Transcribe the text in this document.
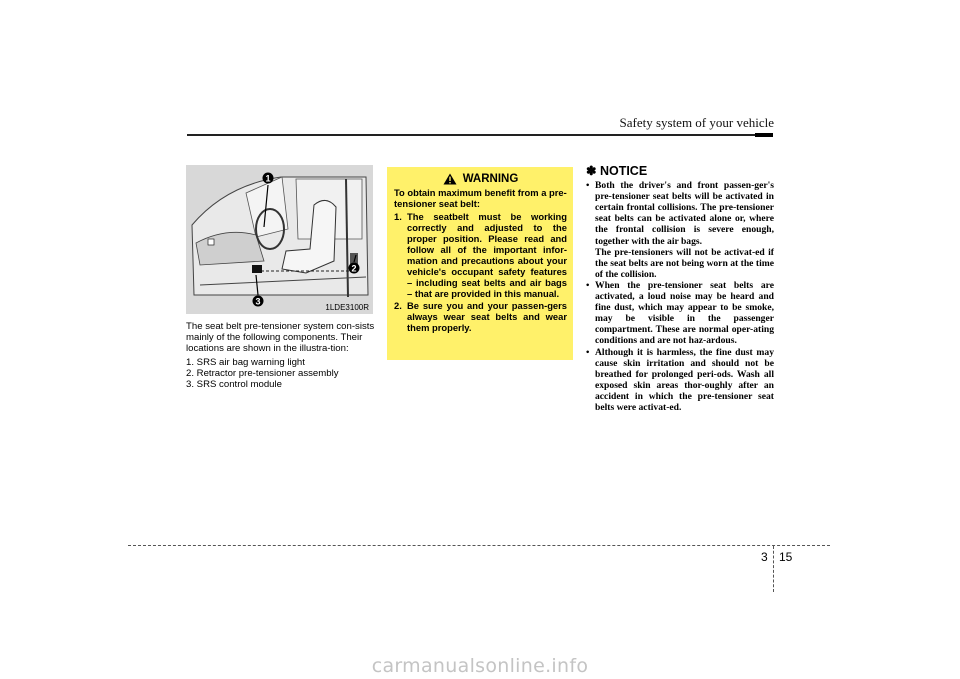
Safety system of your vehicle
1
2
3
1LDE3100R

The seat belt pre-tensioner system con-sists mainly of the following components. Their locations are shown in the illustra-tion:

1. SRS air bag warning light
2. Retractor pre-tensioner assembly
3. SRS control module
WARNING

To obtain maximum benefit from a pre-tensioner seat belt:

1. The seatbelt must be working correctly and adjusted to the proper position. Please read and follow all of the important infor-mation and precautions about your vehicle's occupant safety features – including seat belts and air bags – that are provided in this manual.
2. Be sure you and your passen-gers always wear seat belts and wear them properly.
✽ NOTICE
• Both the driver's and front passen-ger's pre-tensioner seat belts will be activated in certain frontal collisions. The pre-tensioner seat belts can be activated alone or, where the frontal collision is severe enough, together with the air bags.
The pre-tensioners will not be activat-ed if the seat belts are not being worn at the time of the collision.
• When the pre-tensioner seat belts are activated, a loud noise may be heard and fine dust, which may appear to be smoke, may be visible in the passenger compartment. These are normal oper-ating conditions and are not haz-ardous.
• Although it is harmless, the fine dust may cause skin irritation and should not be breathed for prolonged peri-ods. Wash all exposed skin areas thor-oughly after an accident in which the pre-tensioner seat belts were activat-ed.
3 15
carmanualsonline.info
